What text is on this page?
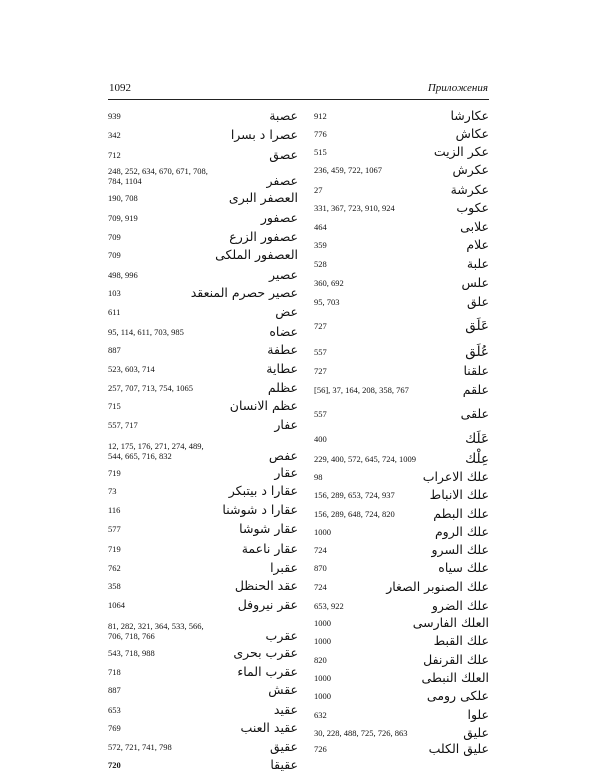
1092	Приложения
939	عصبة
342	عصرا د بسرا
712	عصق
248, 252, 634, 670, 671, 708,
784, 1104	عصفر
190, 708	العصفر البرى
709, 919	عصفور
709	عصفور الزرع
709	العصفور الملكى
498, 996	عصير
103	عصير حصرم المنعقد
611	عض
95, 114, 611, 703, 985	عضاه
887	عطفة
523, 603, 714	عطاية
257, 707, 713, 754, 1065	عظلم
715	عظم الانسان
557, 717	عفار
12, 175, 176, 271, 274, 489,
544, 665, 716, 832	عفص
719	عقار
73	عقارا د بيتبكر
116	عقارا د شوشنا
577	عقار شوشا
719	عقار ناعمة
762	عقبرا
358	عقد الحنظل
1064	عقر نيروفل
81, 282, 321, 364, 533, 566,
706, 718, 766	عقرب
543, 718, 988	عقرب بحرى
718	عقرب الماء
887	عقش
653	عقيد
769	عقيد العنب
572, 721, 741, 798	عقيق
720	عقيقا
912	عكارشا
776	عكاش
515	عكر الزيت
236, 459, 722, 1067	عكرش
27	عكرشة
331, 367, 723, 910, 924	عكوب
464	علابى
359	علام
528	علبة
360, 692	علس
95, 703	علق
727	عَلَق
557	عُلَق
727	علقنا
[56], 37, 164, 208, 358, 767	علقم
557	علقى
400	عَلَك
229, 400, 572, 645, 724, 1009	عِلْك
98	علك الاعراب
156, 289, 653, 724, 937	علك الانباط
156, 289, 648, 724, 820	علك البطم
1000	علك الروم
724	علك السرو
870	علك سياه
724	علك الصنوبر الصغار
653, 922	علك الضرو
1000	العلك الفارسى
1000	علك القبط
820	علك القرنفل
1000	العلك النبطى
1000	علكى رومى
632	علوا
30, 228, 488, 725, 726, 863	عليق
726	عليق الكلب
